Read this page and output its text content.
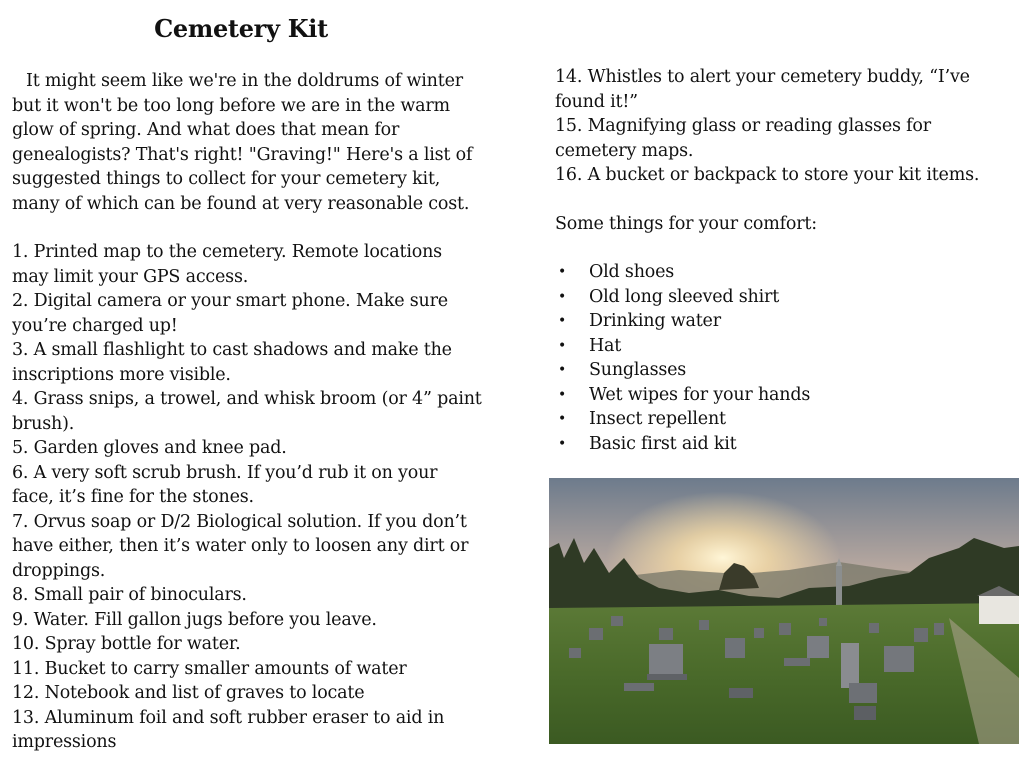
Cemetery Kit

It might seem like we're in the doldrums of winter but it won't be too long before we are in the warm glow of spring. And what does that mean for genealogists? That's right! "Graving!" Here's a list of suggested things to collect for your cemetery kit, many of which can be found at very reasonable cost.

1. Printed map to the cemetery. Remote locations may limit your GPS access.
2. Digital camera or your smart phone. Make sure you’re charged up!
3. A small flashlight to cast shadows and make the inscriptions more visible.
4. Grass snips, a trowel, and whisk broom (or 4” paint brush).
5. Garden gloves and knee pad.
6. A very soft scrub brush. If you’d rub it on your face, it’s fine for the stones.
7. Orvus soap or D/2 Biological solution. If you don’t have either, then it’s water only to loosen any dirt or droppings.
8. Small pair of binoculars.
9. Water. Fill gallon jugs before you leave.
10. Spray bottle for water.
11. Bucket to carry smaller amounts of water
12. Notebook and list of graves to locate
13. Aluminum foil and soft rubber eraser to aid in impressions
14. Whistles to alert your cemetery buddy, “I’ve found it!”
15. Magnifying glass or reading glasses for cemetery maps.
16. A bucket or backpack to store your kit items.

Some things for your comfort:

• Old shoes
• Old long sleeved shirt
• Drinking water
• Hat
• Sunglasses
• Wet wipes for your hands
• Insect repellent
• Basic first aid kit
